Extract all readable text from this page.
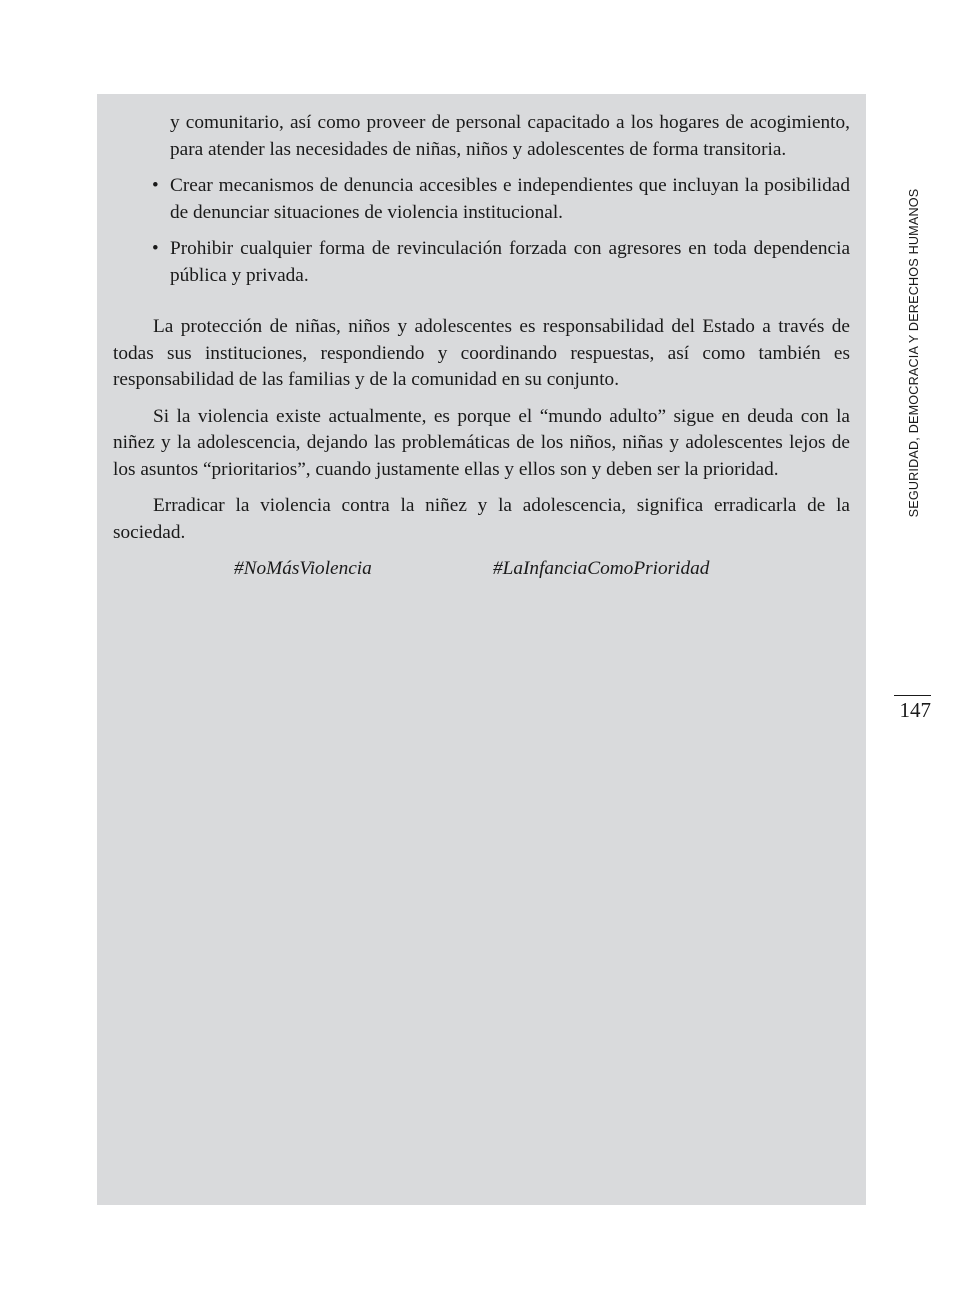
y comunitario, así como proveer de personal capacitado a los hogares de acogimiento, para atender las necesidades de niñas, niños y adolescentes de forma transitoria.
• Crear mecanismos de denuncia accesibles e independientes que incluyan la posibilidad de denunciar situaciones de violencia institucional.
• Prohibir cualquier forma de revinculación forzada con agresores en toda dependencia pública y privada.

La protección de niñas, niños y adolescentes es responsabilidad del Estado a través de todas sus instituciones, respondiendo y coordinando respuestas, así como también es responsabilidad de las familias y de la comunidad en su conjunto.

Si la violencia existe actualmente, es porque el “mundo adulto” sigue en deuda con la niñez y la adolescencia, dejando las problemáticas de los niños, niñas y adolescentes lejos de los asuntos “prioritarios”, cuando justamente ellas y ellos son y deben ser la prioridad.

Erradicar la violencia contra la niñez y la adolescencia, significa erradicarla de la sociedad.

#NoMásViolencia	#LaInfanciaComoPrioridad
SEGURIDAD, DEMOCRACIA Y DERECHOS HUMANOS
147
